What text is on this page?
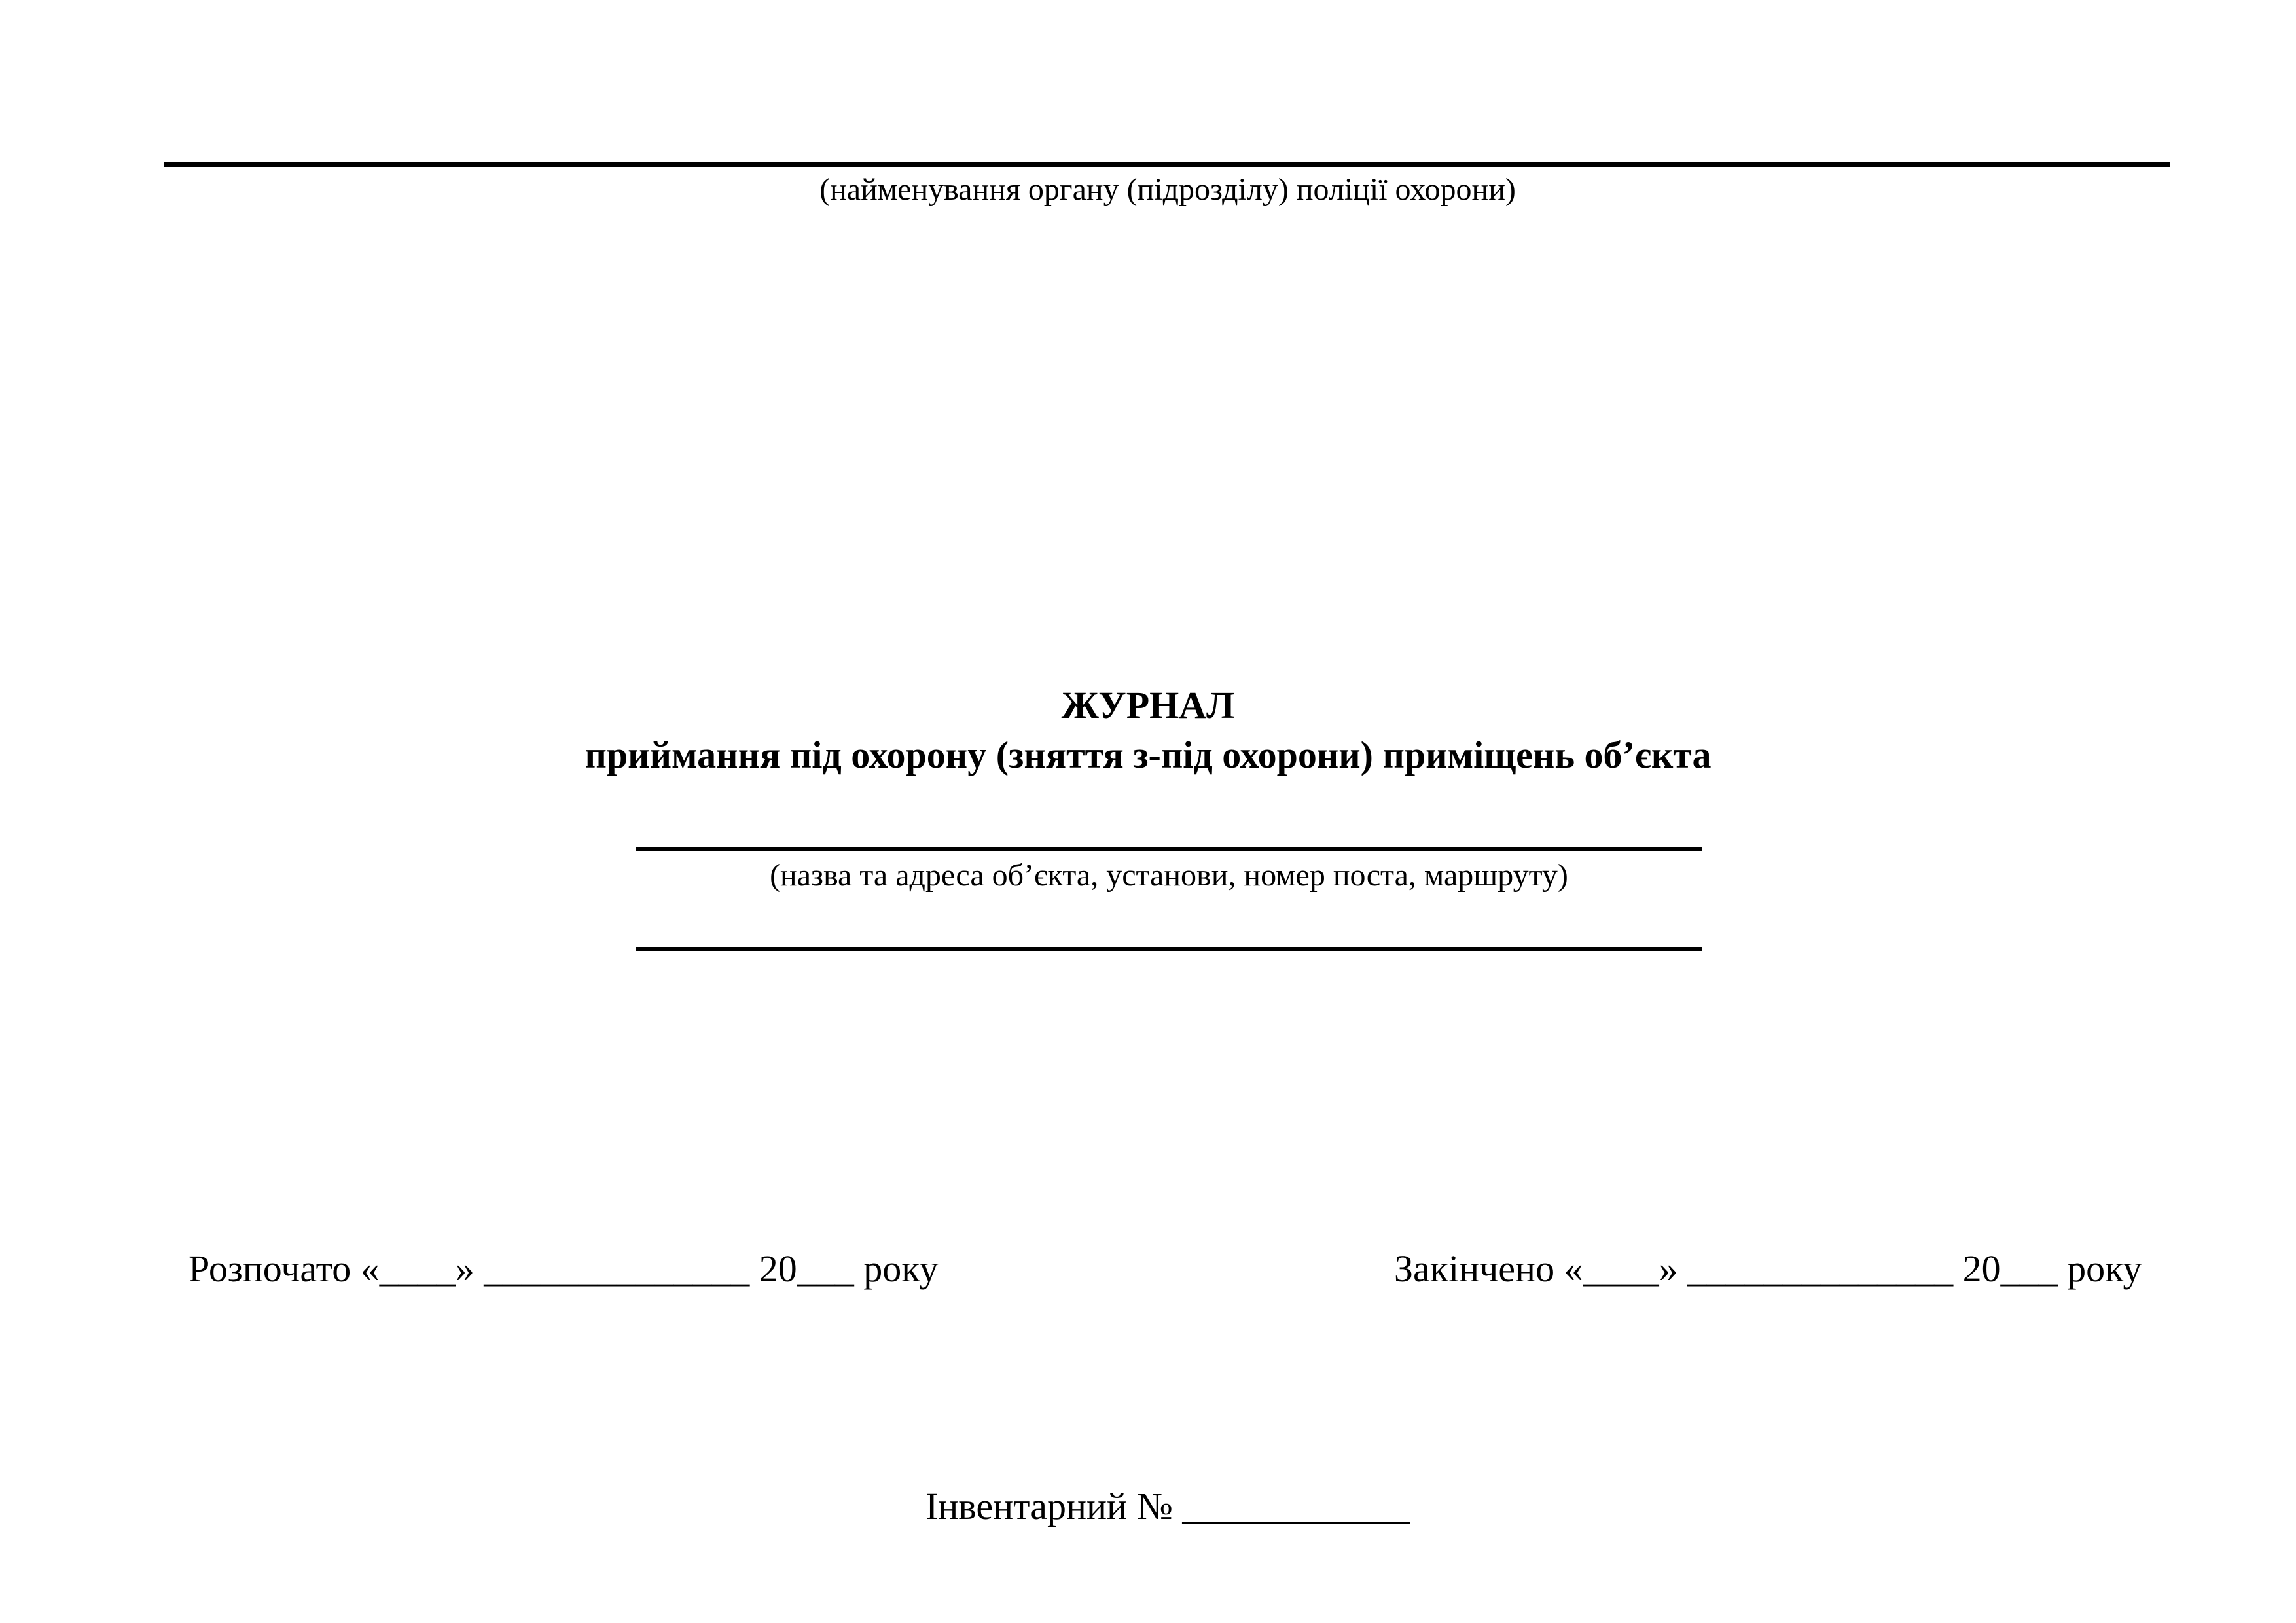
(найменування органу (підрозділу) поліції охорони)
ЖУРНАЛ
приймання під охорону (зняття з-під охорони) приміщень об’єкта
(назва та адреса об’єкта, установи, номер поста, маршруту)
Розпочато «____» ______________ 20___ року	Закінчено «____» ______________ 20___ року
Інвентарний № ____________
